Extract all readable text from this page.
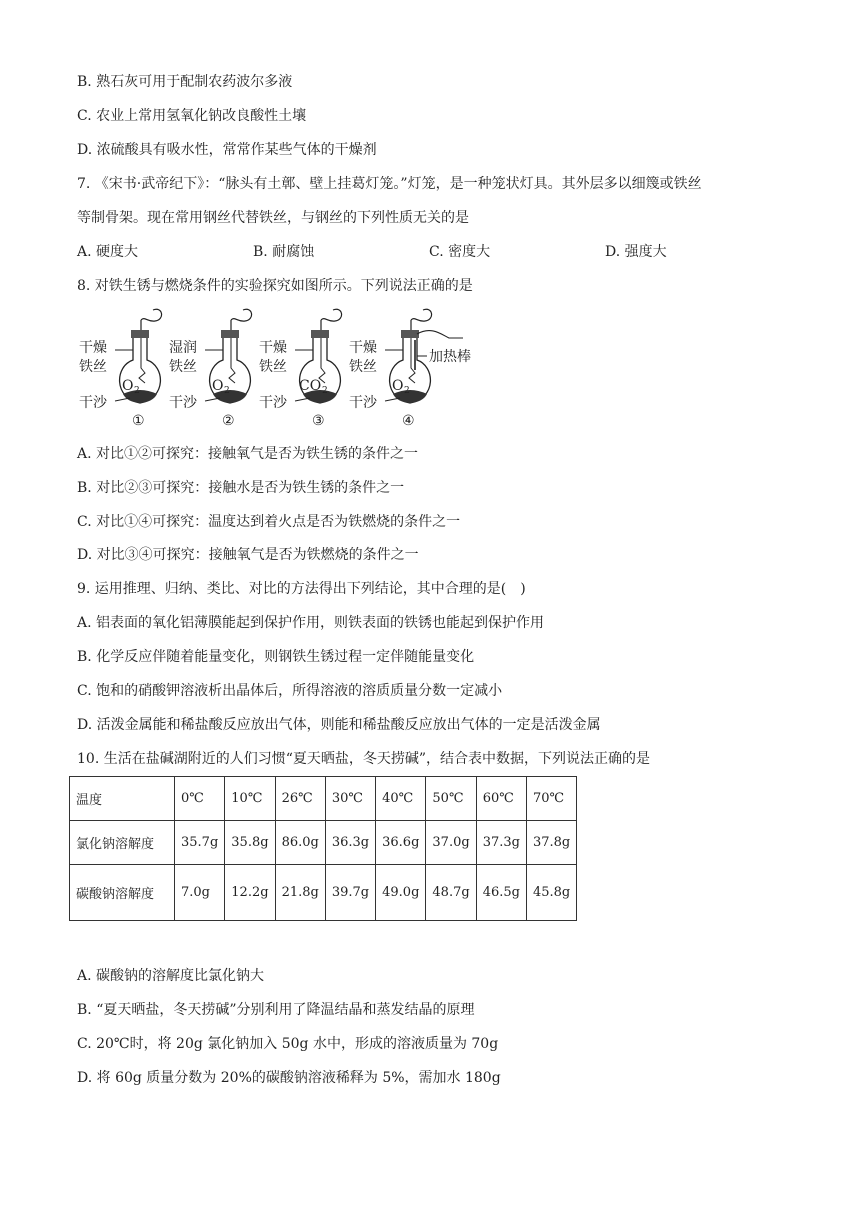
B. 熟石灰可用于配制农药波尔多液
C. 农业上常用氢氧化钠改良酸性土壤
D. 浓硫酸具有吸水性，常常作某些气体的干燥剂
7. 《宋书·武帝纪下》：“脉头有土鄣、壁上挂葛灯笼。”灯笼，是一种笼状灯具。其外层多以细篾或铁丝
等制骨架。现在常用钢丝代替铁丝，与钢丝的下列性质无关的是
A. 硬度大	B. 耐腐蚀	C. 密度大	D. 强度大
8. 对铁生锈与燃烧条件的实验探究如图所示。下列说法正确的是
干燥
铁丝
O 2
干沙
①
湿润
铁丝
O 2
干沙
②
干燥
铁丝
CO 2
干沙
③
加热棒
干燥
铁丝
O 2
干沙
④
A. 对比①②可探究：接触氧气是否为铁生锈的条件之一
B. 对比②③可探究：接触水是否为铁生锈的条件之一
C. 对比①④可探究：温度达到着火点是否为铁燃烧的条件之一
D. 对比③④可探究：接触氧气是否为铁燃烧的条件之一
9. 运用推理、归纳、类比、对比的方法得出下列结论，其中合理的是(　)
A. 铝表面的氧化铝薄膜能起到保护作用，则铁表面的铁锈也能起到保护作用
B. 化学反应伴随着能量变化，则钢铁生锈过程一定伴随能量变化
C. 饱和的硝酸钾溶液析出晶体后，所得溶液的溶质质量分数一定减小
D. 活泼金属能和稀盐酸反应放出气体，则能和稀盐酸反应放出气体的一定是活泼金属
10. 生活在盐碱湖附近的人们习惯“夏天晒盐，冬天捞碱”，结合表中数据，下列说法正确的是
温度	0℃	10℃	26℃	30℃	40℃	50℃	60℃	70℃
氯化钠溶解度	35.7g	35.8g	86.0g	36.3g	36.6g	37.0g	37.3g	37.8g
碳酸钠溶解度	7.0g	12.2g	21.8g	39.7g	49.0g	48.7g	46.5g	45.8g
A. 碳酸钠的溶解度比氯化钠大
B. “夏天晒盐，冬天捞碱”分别利用了降温结晶和蒸发结晶的原理
C. 20℃时，将 20g 氯化钠加入 50g 水中，形成的溶液质量为 70g
D. 将 60g 质量分数为 20%的碳酸钠溶液稀释为 5%，需加水 180g
